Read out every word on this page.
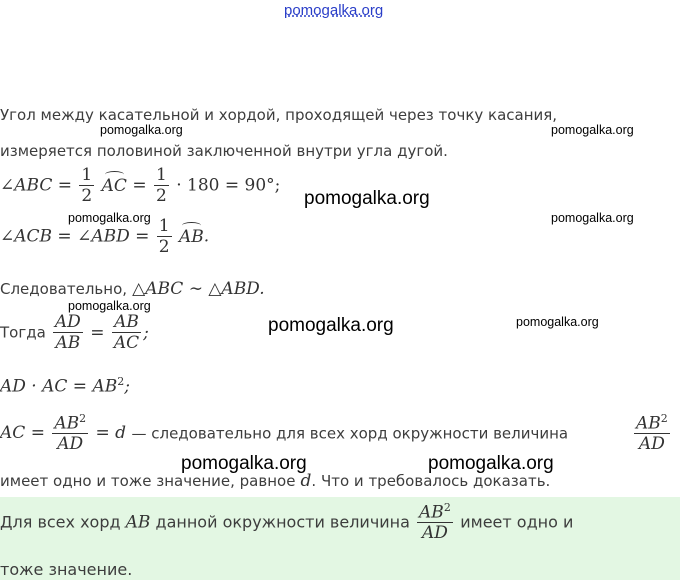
pomogalka.org
Угол между касательной и хордой, проходящей через точку касания,
измеряется половиной заключенной внутри угла дугой.
∠ABC = $\frac{1}{2}$ AC = $\frac{1}{2} \cdot 180 = 90^\circ$;
∠ACB = ∠ABD = $\frac{1}{2}$ AB.
Следовательно, △ABC ∼ △ABD.
Тогда $\frac{AD}{AB} = \frac{AB}{AC}$ ;
AD · AC = $AB^2$;
AC = $\frac{AB^2}{AD} = d$ — следовательно для всех хорд окружности величина	$\frac{AB^2}{AD}$
имеет одно и тоже значение, равное d. Что и требовалось доказать.
Для всех хорд AB данной окружности величина $\frac{AB^2}{AD}$ имеет одно и
тоже значение.
pomogalka.org	pomogalka.org
pomogalka.org
pomogalka.org	pomogalka.org
pomogalka.org
pomogalka.org	pomogalka.org
pomogalka.org	pomogalka.org
